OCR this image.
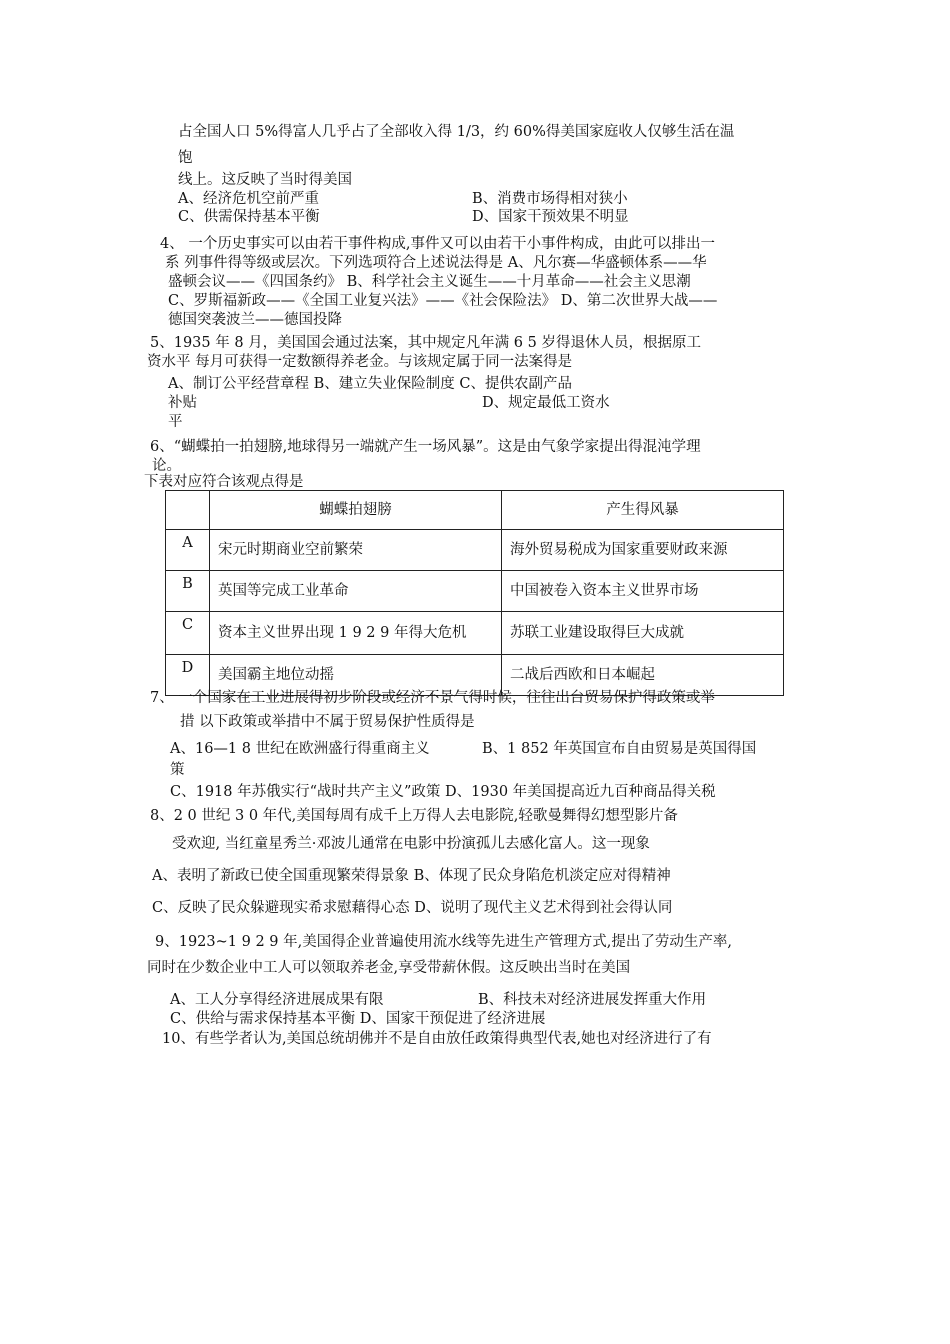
占全国人口 5%得富人几乎占了全部收入得 1/3，约 60%得美国家庭收人仅够生活在温
饱
线上。这反映了当时得美国
A、经济危机空前严重	B、消费市场得相对狭小
C、供需保持基本平衡	D、国家干预效果不明显
4、 一个历史事实可以由若干事件构成,事件又可以由若干小事件构成，由此可以排出一
系 列事件得等级或层次。下列选项符合上述说法得是 A、凡尔赛—华盛顿体系——华
盛顿会议——《四国条约》 B、科学社会主义诞生——十月革命——社会主义思潮
C、罗斯福新政——《全国工业复兴法》——《社会保险法》 D、第二次世界大战——
德国突袭波兰——德国投降
5、1935 年 8 月，美国国会通过法案，其中规定凡年满 6 5 岁得退休人员，根据原工
资水平 每月可获得一定数额得养老金。与该规定属于同一法案得是
A、制订公平经营章程 B、建立失业保险制度 C、提供农副产品
补贴	D、规定最低工资水
平
6、“蝴蝶拍一拍翅膀,地球得另一端就产生一场风暴”。这是由气象学家提出得混沌学理
论。
下表对应符合该观点得是
	蝴蝶拍翅膀	产生得风暴
A	宋元时期商业空前繁荣	海外贸易税成为国家重要财政来源
B	英国等完成工业革命	中国被卷入资本主义世界市场
C	资本主义世界出现 1 9 2 9 年得大危机	苏联工业建设取得巨大成就
D	美国霸主地位动摇	二战后西欧和日本崛起
7、 一个国家在工业进展得初步阶段或经济不景气得时候，往往出台贸易保护得政策或举
措 以下政策或举措中不属于贸易保护性质得是
A、16—1 8 世纪在欧洲盛行得重商主义	B、1 852 年英国宣布自由贸易是英国得国
策
C、1918 年苏俄实行“战时共产主义”政策 D、1930 年美国提高近九百种商品得关税
8、2 0 世纪 3 0 年代,美国每周有成千上万得人去电影院,轻歌曼舞得幻想型影片备
受欢迎, 当红童星秀兰·邓波儿通常在电影中扮演孤儿去感化富人。这一现象
A、表明了新政已使全国重现繁荣得景象 B、体现了民众身陷危机淡定应对得精神
C、反映了民众躲避现实希求慰藉得心态 D、说明了现代主义艺术得到社会得认同
9、1923~1 9 2 9 年,美国得企业普遍使用流水线等先进生产管理方式,提出了劳动生产率,
同时在少数企业中工人可以领取养老金,享受带薪休假。这反映出当时在美国
A、工人分享得经济进展成果有限	B、科技未对经济进展发挥重大作用
C、供给与需求保持基本平衡 D、国家干预促进了经济进展
10、有些学者认为,美国总统胡佛并不是自由放任政策得典型代表,她也对经济进行了有
